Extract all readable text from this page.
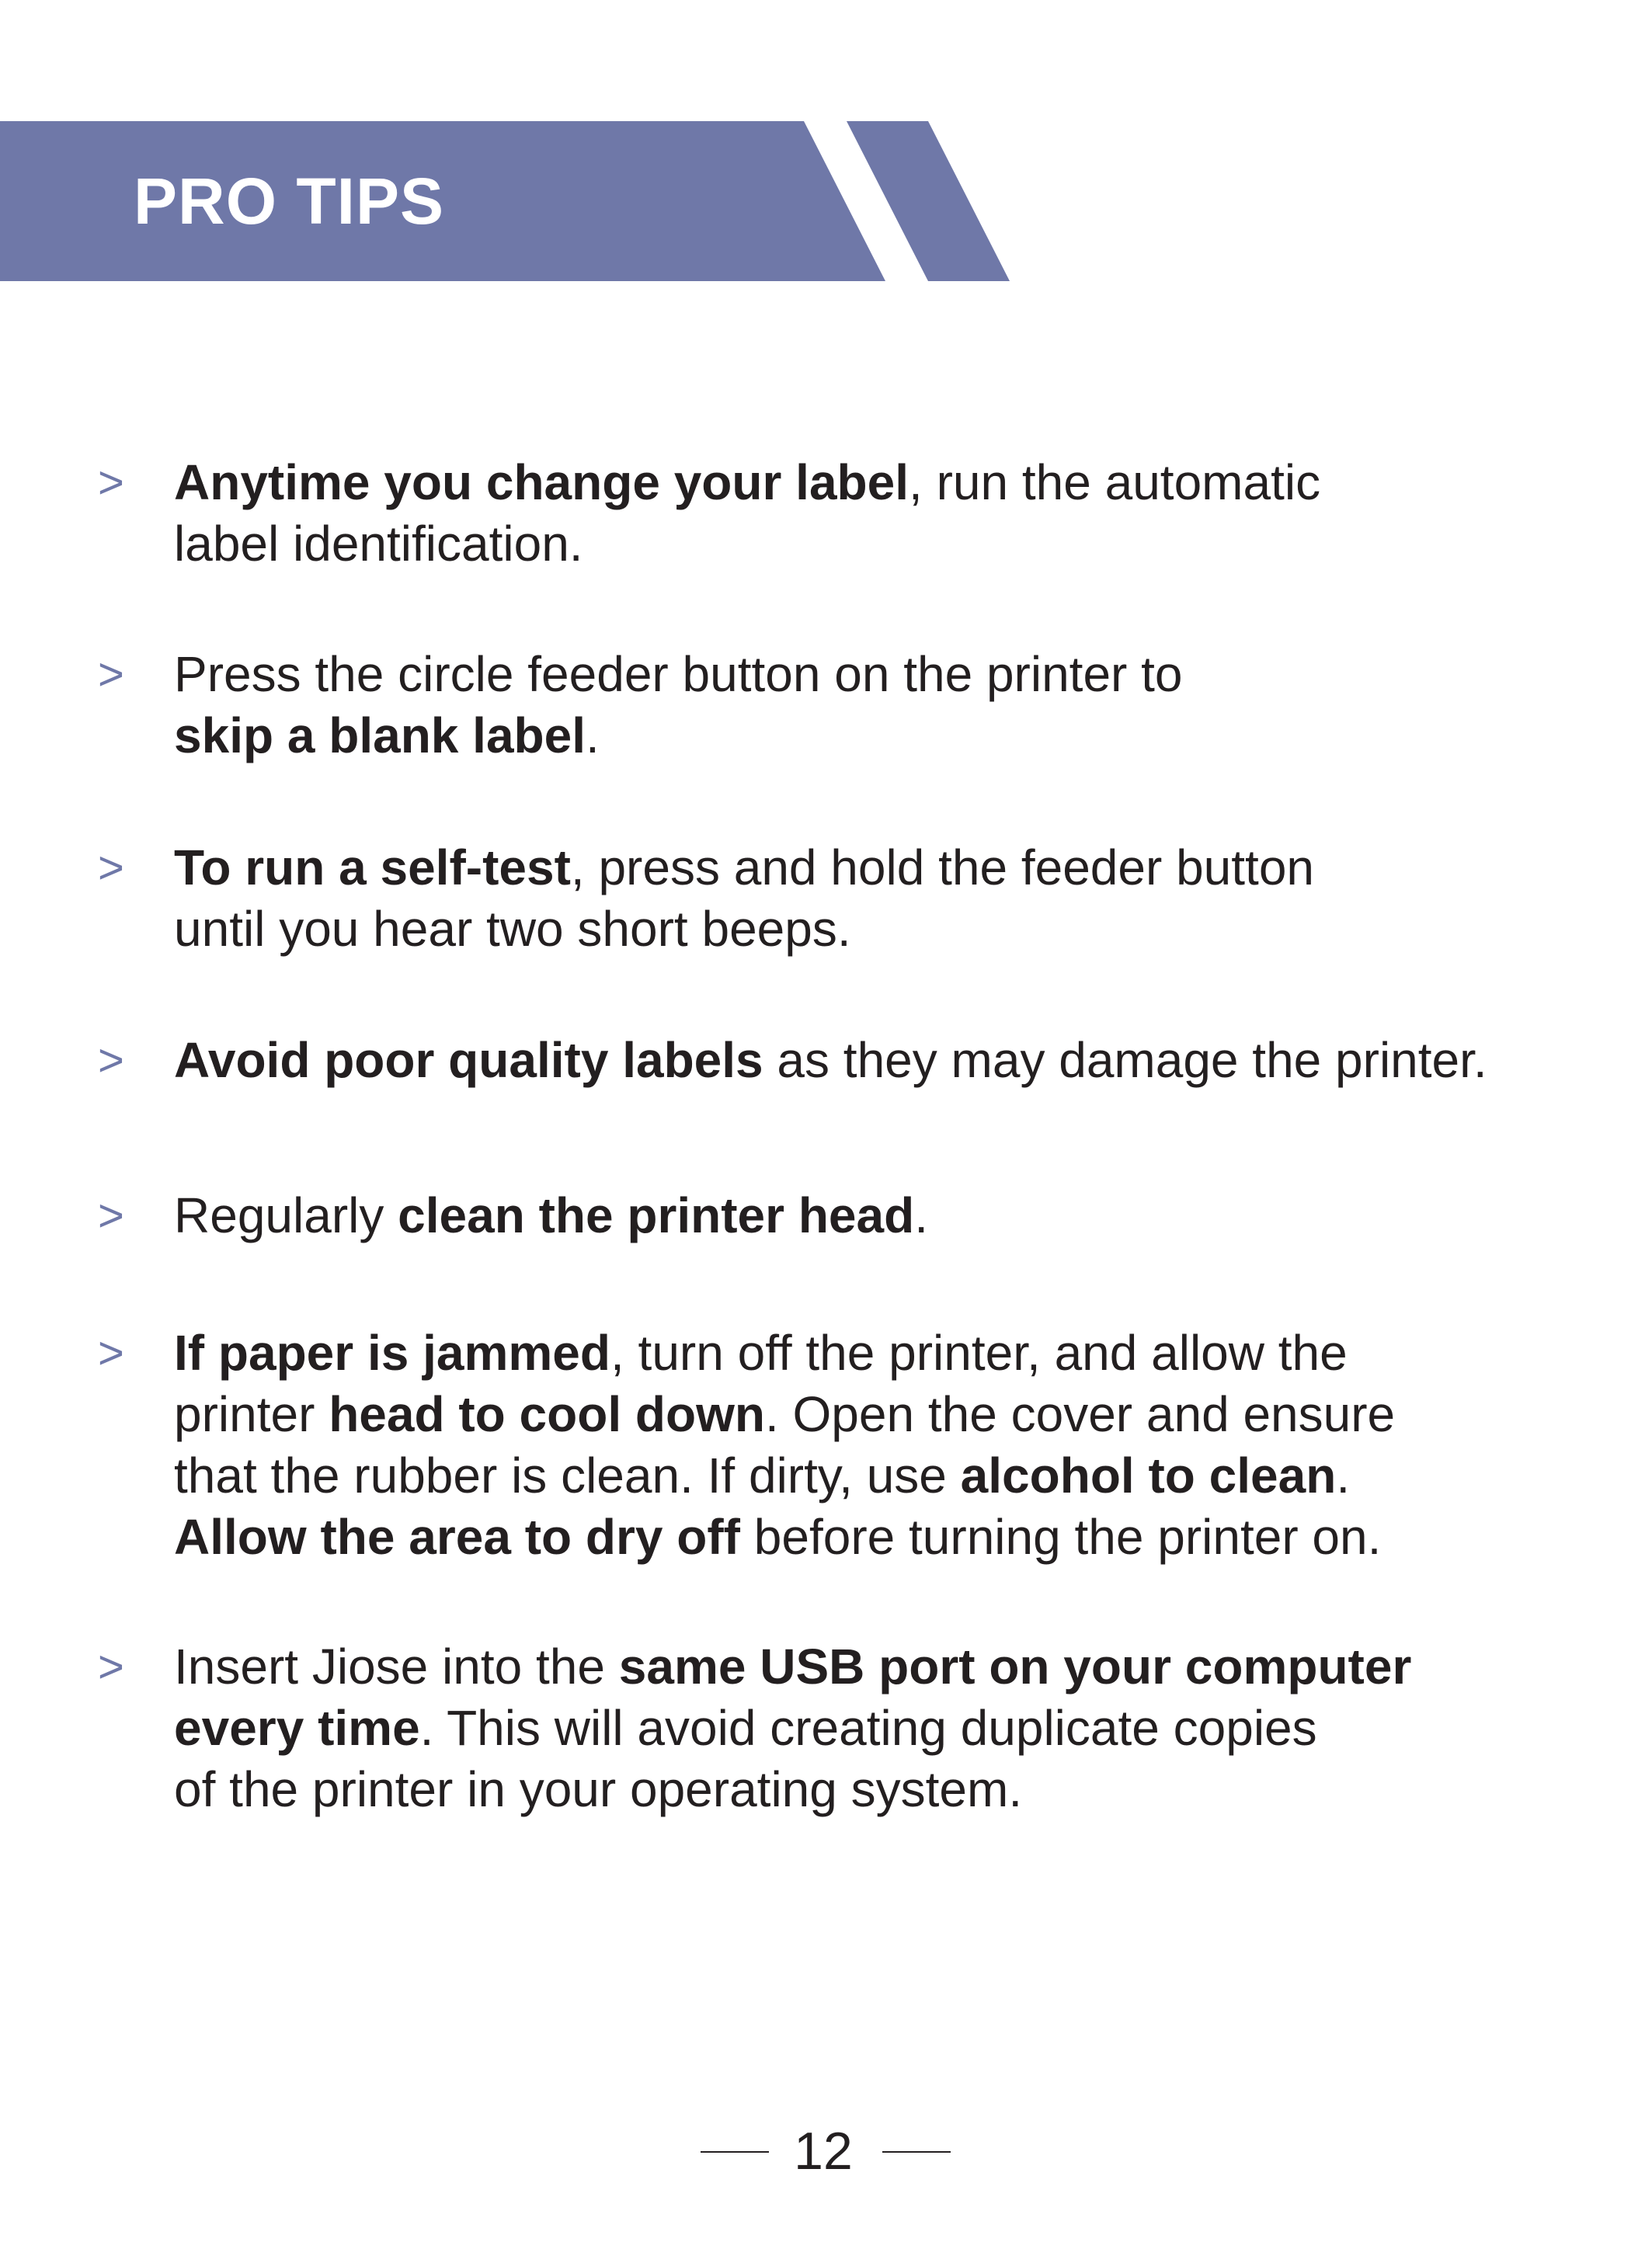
PRO TIPS
> Anytime you change your label, run the automatic
label identification.
> Press the circle feeder button on the printer to
skip a blank label.
> To run a self-test, press and hold the feeder button
until you hear two short beeps.
> Avoid poor quality labels as they may damage the printer.
> Regularly clean the printer head.
> If paper is jammed, turn off the printer, and allow the
printer head to cool down. Open the cover and ensure
that the rubber is clean. If dirty, use alcohol to clean.
Allow the area to dry off before turning the printer on.
> Insert Jiose into the same USB port on your computer
every time. This will avoid creating duplicate copies
of the printer in your operating system.
12
